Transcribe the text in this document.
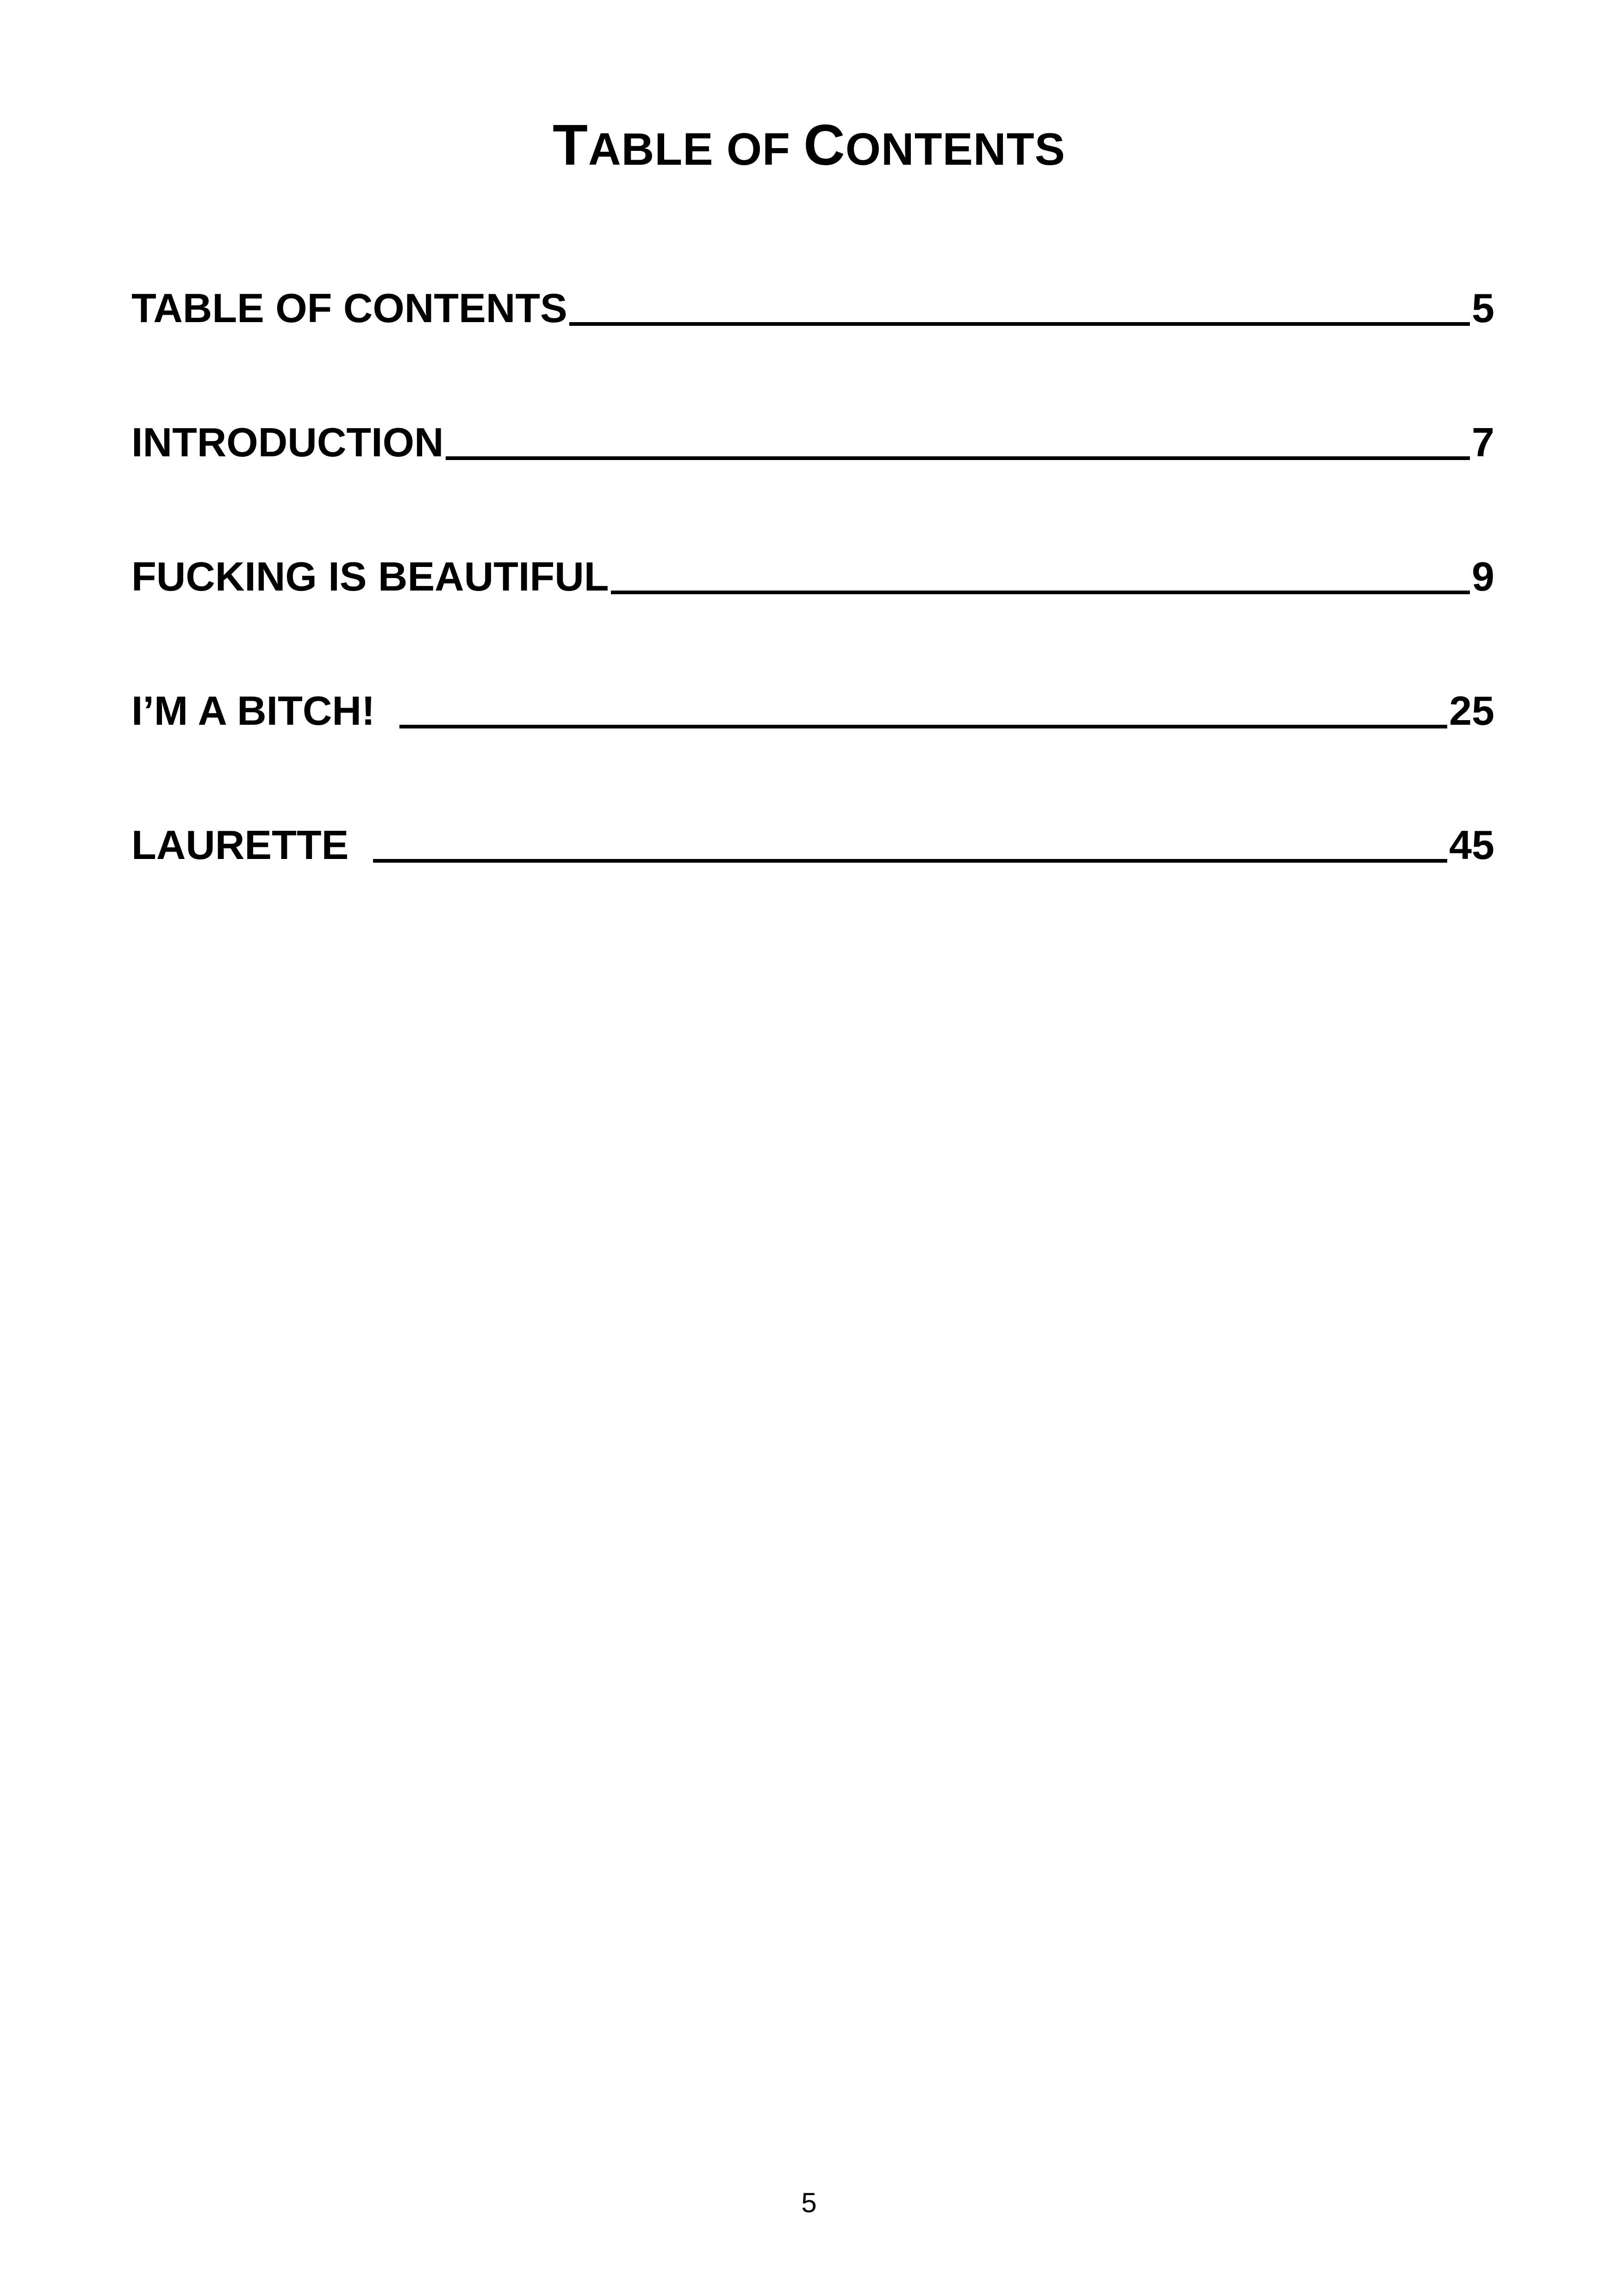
TABLE OF CONTENTS
TABLE OF CONTENTS	5
INTRODUCTION	7
FUCKING IS BEAUTIFUL	9
I’M A BITCH!	25
LAURETTE	45
5
